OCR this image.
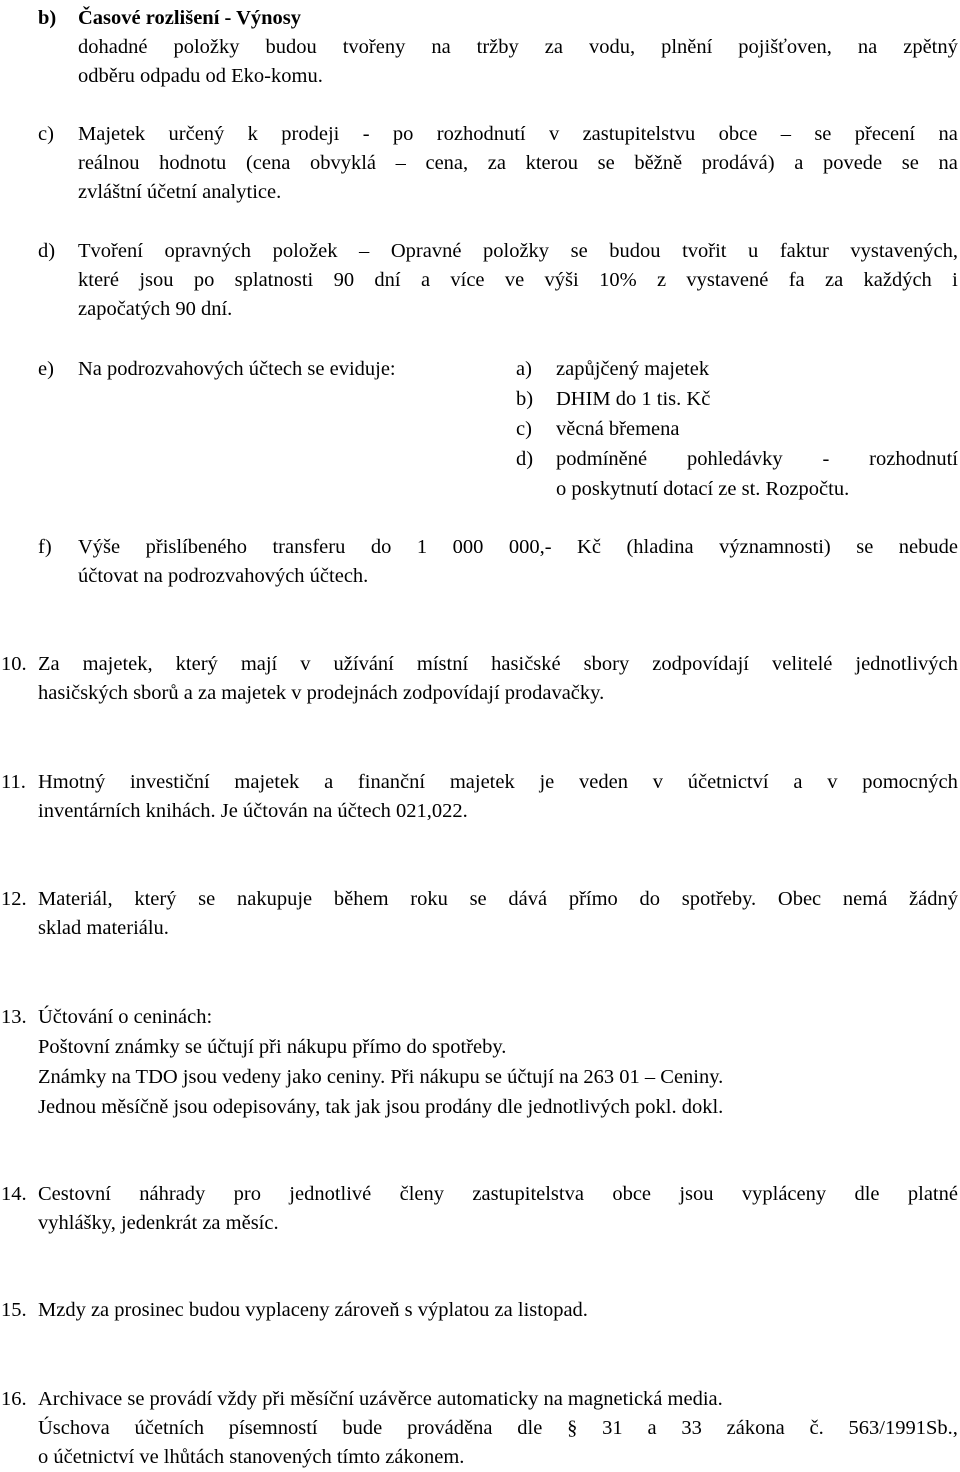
b) Časové rozlišení - Výnosy
dohadné položky budou tvořeny na tržby za vodu, plnění pojišťoven, na zpětný
odběru odpadu od Eko-komu.
c) Majetek určený k prodeji - po rozhodnutí v zastupitelstvu obce – se přecení na
reálnou hodnotu (cena obvyklá – cena, za kterou se běžně prodává) a povede se na
zvláštní účetní analytice.
d) Tvoření opravných položek – Opravné položky se budou tvořit u faktur vystavených,
které jsou po splatnosti 90 dní a více ve výši 10% z vystavené fa za každých i
započatých 90 dní.
e) Na podrozvahových účtech se eviduje:	a) zapůjčený majetek
b) DHIM do 1 tis. Kč
c) věcná břemena
d) podmíněné pohledávky - rozhodnutí
o poskytnutí dotací ze st. Rozpočtu.
f) Výše přislíbeného transferu do 1 000 000,- Kč (hladina významnosti) se nebude
účtovat na podrozvahových účtech.
10. Za majetek, který mají v užívání místní hasičské sbory zodpovídají velitelé jednotlivých
hasičských sborů a za majetek v prodejnách zodpovídají prodavačky.
11. Hmotný investiční majetek a finanční majetek je veden v účetnictví a v pomocných
inventárních knihách. Je účtován na účtech 021,022.
12. Materiál, který se nakupuje během roku se dává přímo do spotřeby. Obec nemá žádný
sklad materiálu.
13. Účtování o ceninách:
Poštovní známky se účtují při nákupu přímo do spotřeby.
Známky na TDO jsou vedeny jako ceniny. Při nákupu se účtují na 263 01 – Ceniny.
Jednou měsíčně jsou odepisovány, tak jak jsou prodány dle jednotlivých pokl. dokl.
14. Cestovní náhrady pro jednotlivé členy zastupitelstva obce jsou vypláceny dle platné
vyhlášky, jedenkrát za měsíc.
15. Mzdy za prosinec budou vyplaceny zároveň s výplatou za listopad.
16. Archivace se provádí vždy při měsíční uzávěrce automaticky na magnetická media.
Úschova účetních písemností bude prováděna dle § 31 a 33 zákona č. 563/1991Sb.,
o účetnictví ve lhůtách stanovených tímto zákonem.
